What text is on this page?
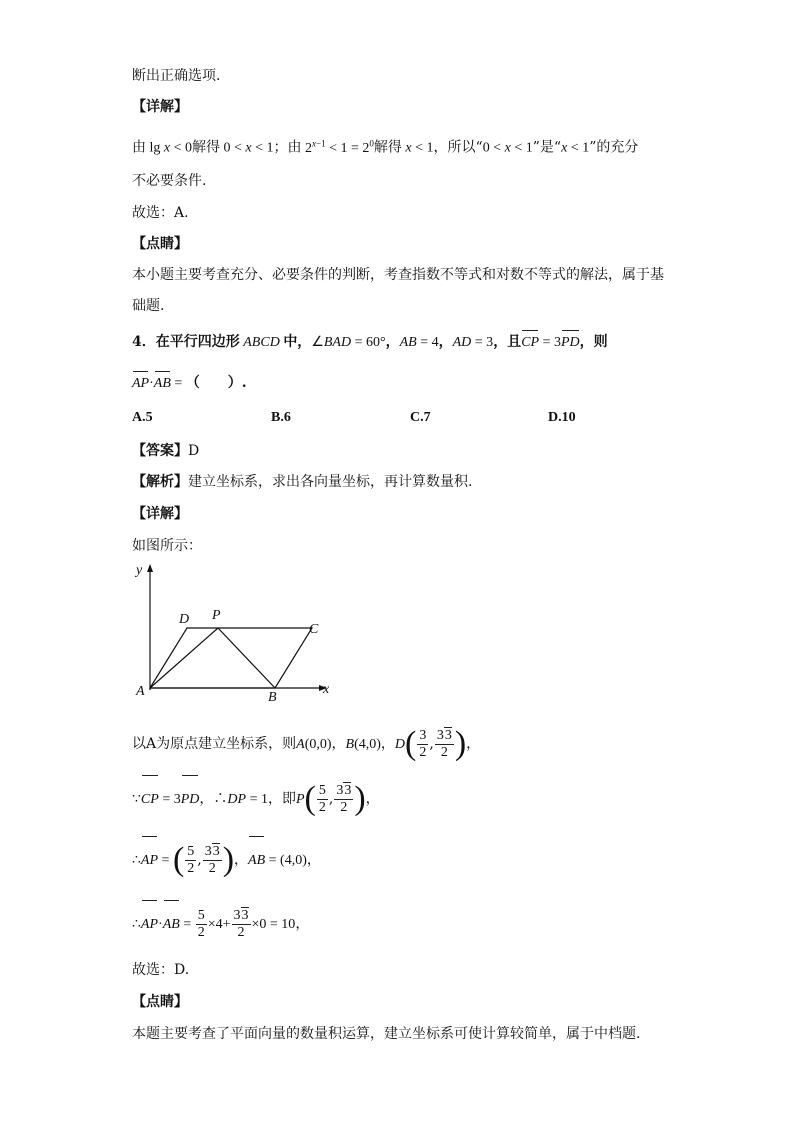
断出正确选项.
【详解】
由 lg x < 0解得 0 < x < 1；由 $2^{x-1} < 1 = 2^0$解得 x < 1，所以“0 < x < 1”是“x < 1”的充分
不必要条件.
故选：A.
【点睛】
本小题主要考查充分、必要条件的判断，考查指数不等式和对数不等式的解法，属于基
础题.
4．在平行四边形 ABCD 中，∠BAD = 60°，AB = 4，AD = 3，且CP = 3PD，则
AP·AB = （　　）.
A.5	B.6	C.7	D.10
【答案】D
【解析】建立坐标系，求出各向量坐标，再计算数量积.
【详解】
如图所示：
y
x
A	B
C
D P
以A为原点建立坐标系，则A(0,0)，B(4,0)，$D( \frac{3}{2}$ , $\frac{33}{2}$ )，
∵CP = 3PD，∴DP = 1，即$P( \frac{5}{2}$ , $\frac{33}{2}$ )，
∴AP = ( $\frac{5}{2}$ , $\frac{33}{2}$ )，AB = (4,0)，
∴AP·AB = $\frac{5}{2} \times 4+ \frac{33}{2} \times 0 = 10$，
故选：D.
【点睛】
本题主要考查了平面向量的数量积运算，建立坐标系可使计算较简单，属于中档题.
